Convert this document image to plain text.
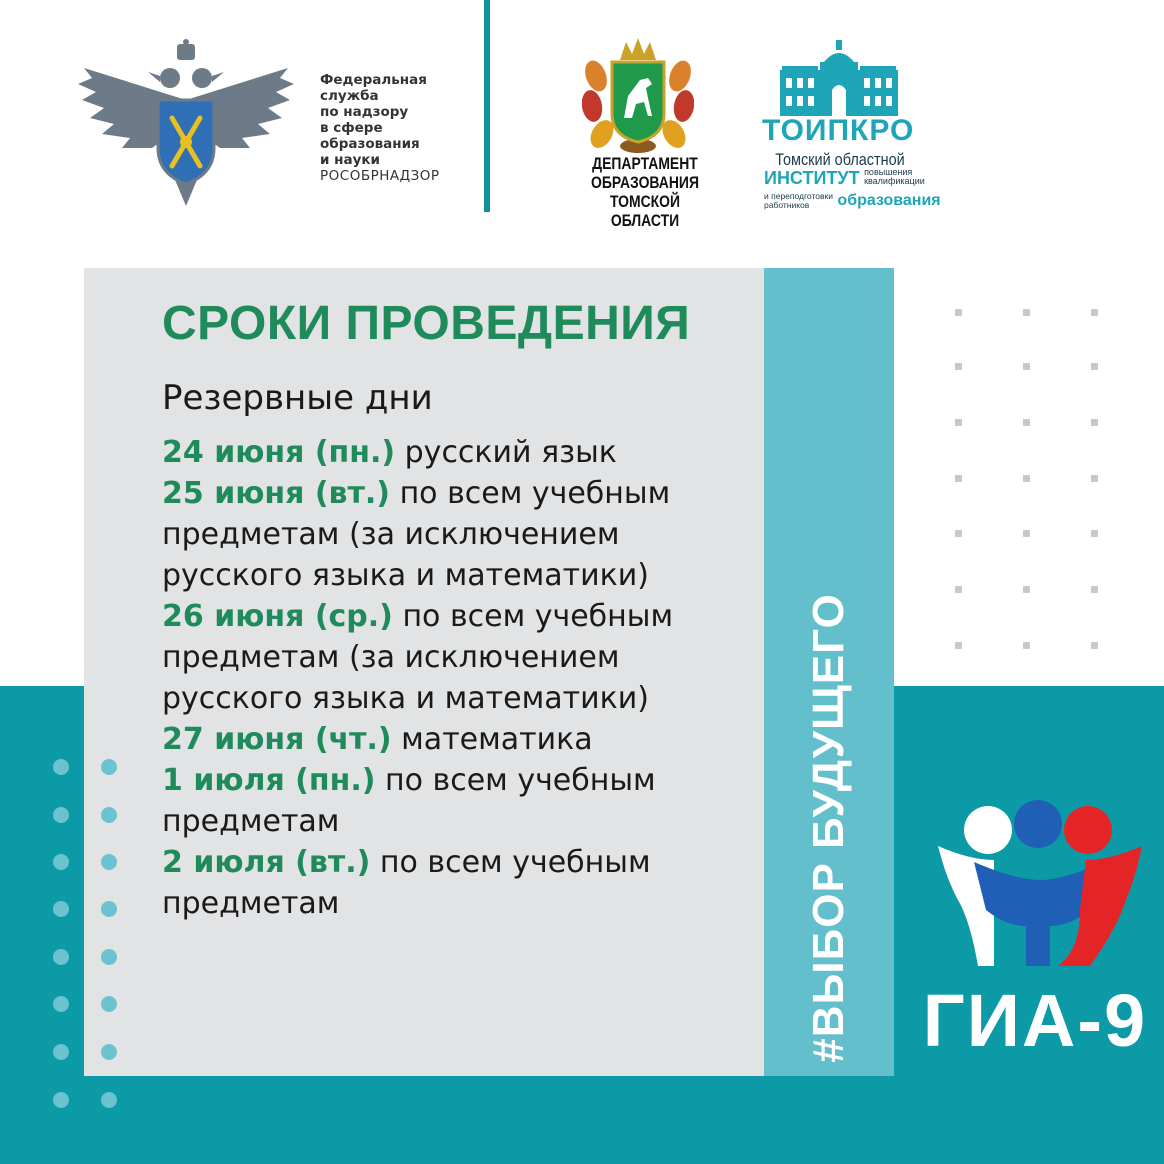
Федеральная
служба
по надзору
в сфере
образования
и науки
РОСОБРНАДЗОР
ДЕПАРТАМЕНТ
ОБРАЗОВАНИЯ
ТОМСКОЙ ОБЛАСТИ
ТОИПКРО
Томский областной
ИНСТИТУТ повышения
квалификации
и переподготовки
работников образования
#ВЫБОР БУДУЩЕГО
СРОКИ ПРОВЕДЕНИЯ
Резервные дни
24 июня (пн.) русский язык
25 июня (вт.) по всем учебным предметам (за исключением русского языка и математики)
26 июня (ср.) по всем учебным предметам (за исключением русского языка и математики)
27 июня (чт.) математика
1 июля (пн.) по всем учебным предметам
2 июля (вт.) по всем учебным предметам
ГИА-9
